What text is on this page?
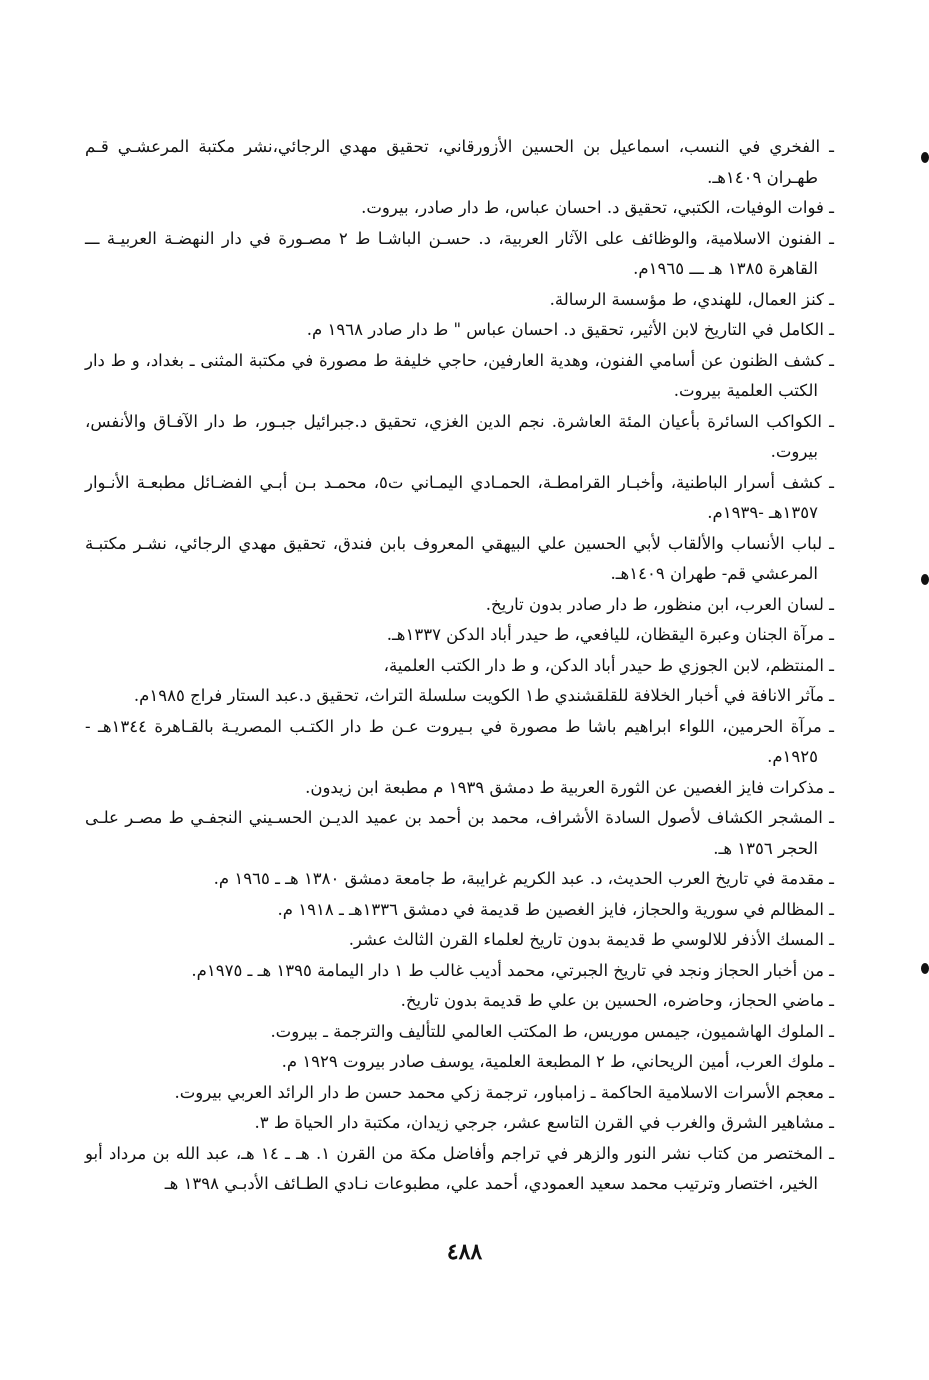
ـ الفخري في النسب، اسماعيل بن الحسين الأزورقاني، تحقيق مهدي الرجائي،نشر مكتبة المرعشـي قـم طهـران ١٤٠٩هـ.
ـ فوات الوفيات، الكتبي، تحقيق د. احسان عباس، ط دار صادر، بيروت.
ـ الفنون الاسلامية، والوظائف على الآثار العربية، د. حسـن الباشـا ط ٢ مصـورة في دار النهضـة العربيـة ـــ القاهرة ١٣٨٥ هـ ـــ ١٩٦٥م.
ـ كنز العمال، للهندي، ط مؤسسة الرسالة.
ـ الكامل في التاريخ لابن الأثير، تحقيق د. احسان عباس " ط دار صادر ١٩٦٨ م.
ـ كشف الظنون عن أسامي الفنون، وهدية العارفين، حاجي خليفة ط مصورة في مكتبة المثنى ـ بغداد، و ط دار الكتب العلمية بيروت.
ـ الكواكب السائرة بأعيان المئة العاشرة. نجم الدين الغزي، تحقيق د.جبرائيل جبـور، ط دار الآفـاق والأنفس، بيروت.
ـ كشف أسرار الباطنية، وأخبـار القرامطـة، الحمـادي اليمـاني ت٥، محمـد بـن أبـي الفضـائل مطبعـة الأنـوار ١٣٥٧هـ -١٩٣٩م.
ـ لباب الأنساب والألقاب لأبي الحسين علي البيهقي المعروف بابن فندق، تحقيق مهدي الرجائي، نشـر مكتبـة المرعشي قم- طهران ١٤٠٩هـ.
ـ لسان العرب، ابن منظور، ط دار صادر بدون تاريخ.
ـ مرآة الجنان وعبرة اليقظان، لليافعي، ط حيدر أباد الدكن ١٣٣٧هـ.
ـ المنتظم، لابن الجوزي ط حيدر أباد الدكن، و ط دار الكتب العلمية،
ـ مآثر الانافة في أخبار الخلافة للقلقشندي ط١ الكويت سلسلة التراث، تحقيق د.عبد الستار فراج ١٩٨٥م.
ـ مرآة الحرمين، اللواء ابراهيم باشا ط مصورة في بـيروت عـن ط دار الكتـب المصريـة بالقـاهرة ١٣٤٤هـ - ١٩٢٥م.
ـ مذكرات فايز الغصين عن الثورة العربية ط دمشق ١٩٣٩ م مطبعة ابن زيدون.
ـ المشجر الكشاف لأصول السادة الأشراف، محمد بن أحمد بن عميد الديـن الحسـيني النجفـي ط مصـر علـى الحجر ١٣٥٦ هـ.
ـ مقدمة في تاريخ العرب الحديث، د. عبد الكريم غرايبة، ط جامعة دمشق ١٣٨٠ هـ ـ ١٩٦٥ م.
ـ المظالم في سورية والحجاز، فايز الغصين ط قديمة في دمشق ١٣٣٦هـ ـ ١٩١٨ م.
ـ المسك الأذفر للالوسي ط قديمة بدون تاريخ لعلماء القرن الثالث عشر.
ـ من أخبار الحجاز ونجد في تاريخ الجبرتي، محمد أديب غالب ط ١ دار اليمامة ١٣٩٥ هـ ـ ١٩٧٥م.
ـ ماضي الحجاز، وحاضره، الحسين بن علي ط قديمة بدون تاريخ.
ـ الملوك الهاشميون، جيمس موريس، ط المكتب العالمي للتأليف والترجمة ـ بيروت.
ـ ملوك العرب، أمين الريحاني، ط ٢ المطبعة العلمية، يوسف صادر بيروت ١٩٢٩ م.
ـ معجم الأسرات الاسلامية الحاكمة ـ زامباور، ترجمة زكي محمد حسن ط دار الرائد العربي بيروت.
ـ مشاهير الشرق والغرب في القرن التاسع عشر، جرجي زيدان، مكتبة دار الحياة ط ٣.
ـ المختصر من كتاب نشر النور والزهر في تراجم وأفاضل مكة من القرن ١. هـ ـ ١٤ هـ، عبد الله بن مرداد أبو الخير، اختصار وترتيب محمد سعيد العمودي، أحمد علي، مطبوعات نـادي الطـائف الأدبـي ١٣٩٨ هـ
٤٨٨
